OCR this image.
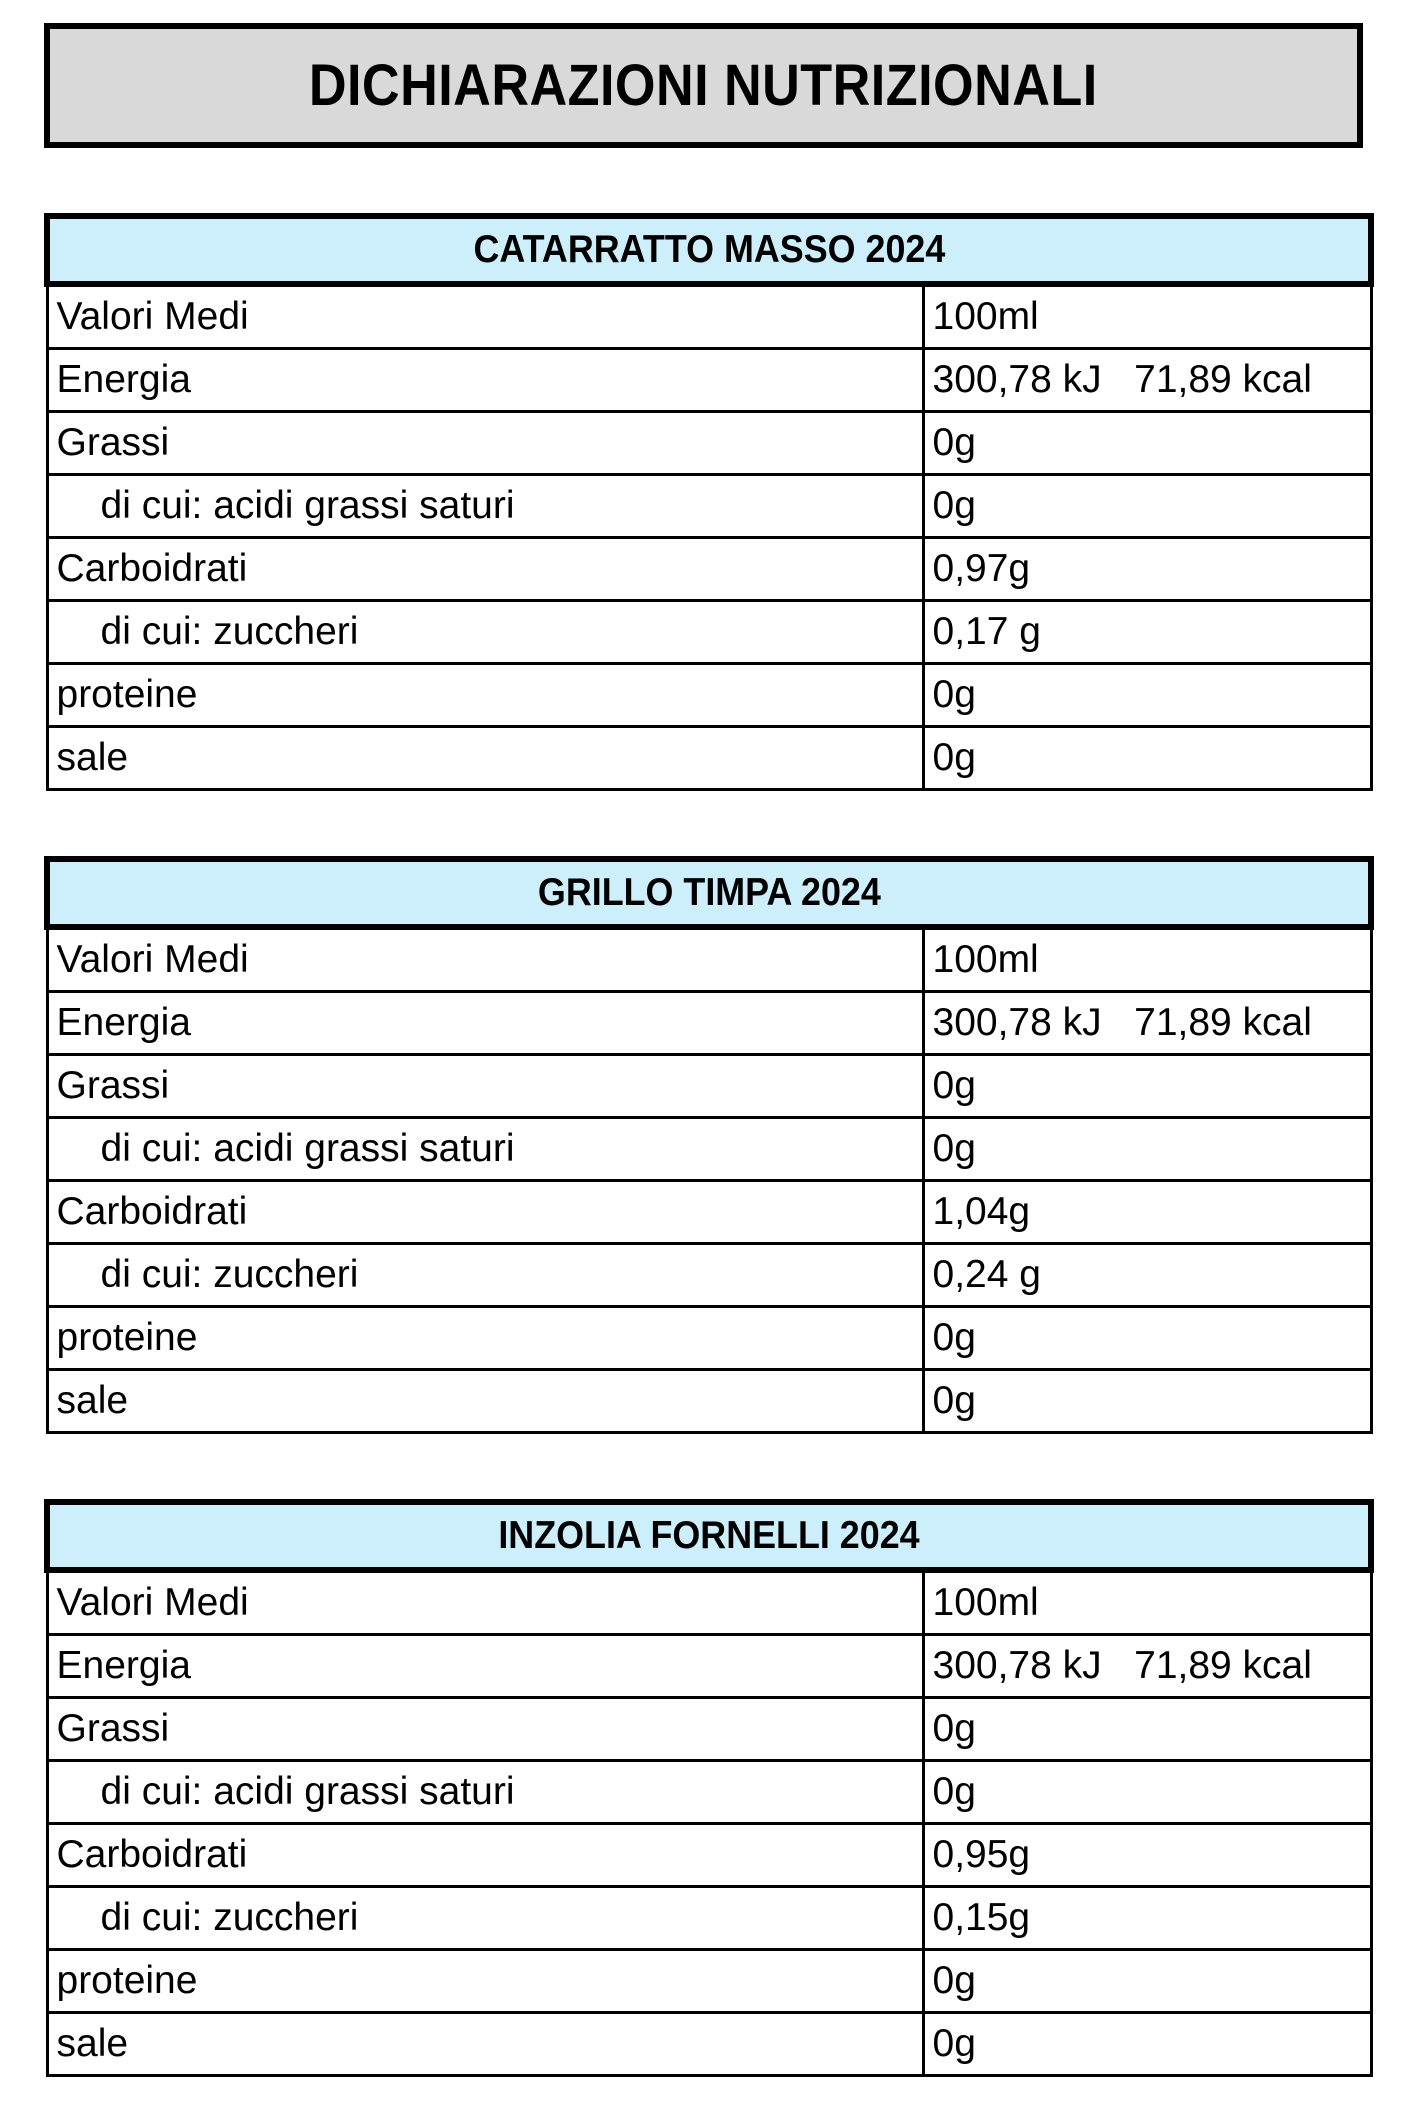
DICHIARAZIONI NUTRIZIONALI
CATARRATTO MASSO 2024	
Valori Medi	100ml
Energia	300,78 kJ   71,89 kcal
Grassi	0g
di cui: acidi grassi saturi	0g
Carboidrati	0,97g
di cui: zuccheri	0,17 g
proteine	0g
sale	0g
GRILLO TIMPA 2024	
Valori Medi	100ml
Energia	300,78 kJ   71,89 kcal
Grassi	0g
di cui: acidi grassi saturi	0g
Carboidrati	1,04g
di cui: zuccheri	0,24 g
proteine	0g
sale	0g
INZOLIA FORNELLI 2024	
Valori Medi	100ml
Energia	300,78 kJ   71,89 kcal
Grassi	0g
di cui: acidi grassi saturi	0g
Carboidrati	0,95g
di cui: zuccheri	0,15g
proteine	0g
sale	0g
